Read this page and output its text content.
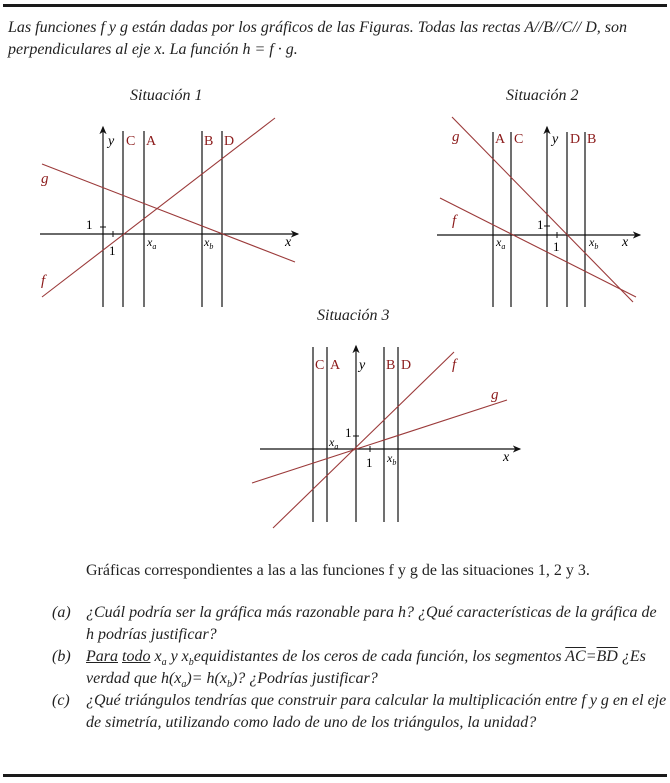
Las funciones f y g están dadas por los gráficos de las Figuras. Todas las rectas A//B//C// D, son perpendiculares al eje x. La función h = f · g.
Situación 1	Situación 2
Situación 3
y C A	B D
g
f
1
1
$x_a$	$x_b$	x
g	A C y D B
f	1
1
$x_a$	$x_b$ x
C A y B D	f
g
1
1
$x_a$
$x_b$	x
Gráficas correspondientes a las a las funciones f y g de las situaciones 1, 2 y 3.
(a) ¿Cuál podría ser la gráfica más razonable para h? ¿Qué características de la gráfica de h podrías justificar?
(b) Para todo $x_a$ y $x_bequidistantes$ de los ceros de cada función, los segmentos $\overline{AC}=\overline{BD}$ ¿Es verdad que $h(x_a)= h(x_b)$? ¿Podrías justificar?
(c) ¿Qué triángulos tendrías que construir para calcular la multiplicación entre f y g en el eje de simetría, utilizando como lado de uno de los triángulos, la unidad?
